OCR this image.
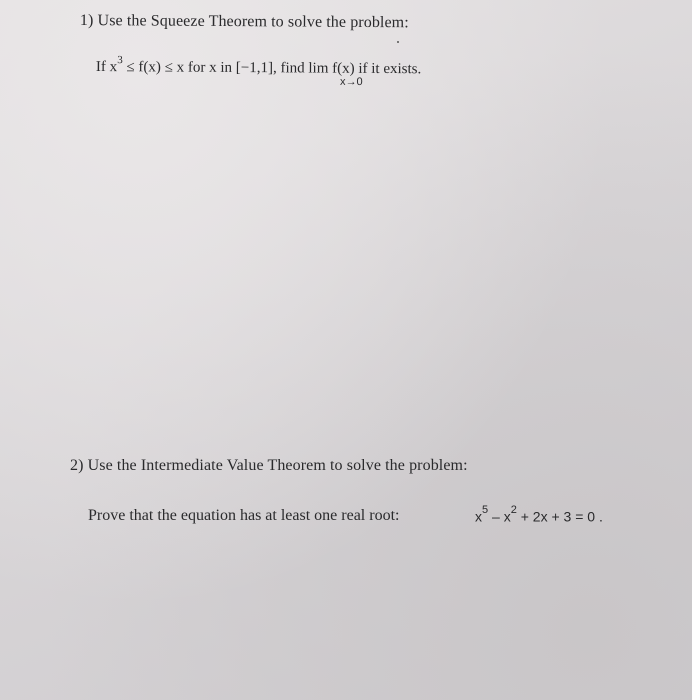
1) Use the Squeeze Theorem to solve the problem:
If $x^3 \le f(x) \le x$ for x in [−1,1], find lim f(x) if it exists.
x→0
2) Use the Intermediate Value Theorem to solve the problem:
Prove that the equation has at least one real root:	$x^5 - x^2 + 2x + 3 = 0$ .
